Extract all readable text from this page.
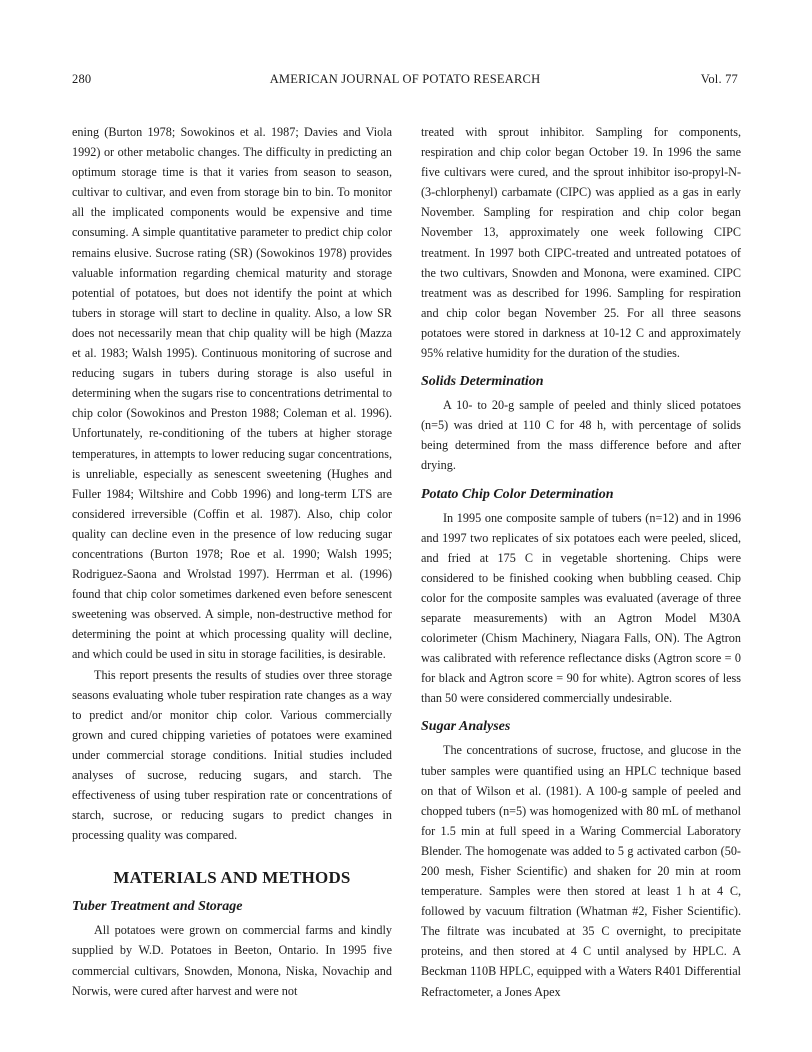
280	AMERICAN JOURNAL OF POTATO RESEARCH	Vol. 77

ening (Burton 1978; Sowokinos et al. 1987; Davies and Viola 1992) or other metabolic changes. The difficulty in predicting an optimum storage time is that it varies from season to season, cultivar to cultivar, and even from storage bin to bin. To monitor all the implicated components would be expensive and time consuming. A simple quantitative parameter to predict chip color remains elusive. Sucrose rating (SR) (Sowokinos 1978) provides valuable information regarding chemical maturity and storage potential of potatoes, but does not identify the point at which tubers in storage will start to decline in quality. Also, a low SR does not necessarily mean that chip quality will be high (Mazza et al. 1983; Walsh 1995). Continuous monitoring of sucrose and reducing sugars in tubers during storage is also useful in determining when the sugars rise to concentrations detrimental to chip color (Sowokinos and Preston 1988; Coleman et al. 1996). Unfortunately, re-conditioning of the tubers at higher storage temperatures, in attempts to lower reducing sugar concentrations, is unreliable, especially as senescent sweetening (Hughes and Fuller 1984; Wiltshire and Cobb 1996) and long-term LTS are considered irreversible (Coffin et al. 1987). Also, chip color quality can decline even in the presence of low reducing sugar concentrations (Burton 1978; Roe et al. 1990; Walsh 1995; Rodriguez-Saona and Wrolstad 1997). Herrman et al. (1996) found that chip color sometimes darkened even before senescent sweetening was observed. A simple, non-destructive method for determining the point at which processing quality will decline, and which could be used in situ in storage facilities, is desirable.

This report presents the results of studies over three storage seasons evaluating whole tuber respiration rate changes as a way to predict and/or monitor chip color. Various commercially grown and cured chipping varieties of potatoes were examined under commercial storage conditions. Initial studies included analyses of sucrose, reducing sugars, and starch. The effectiveness of using tuber respiration rate or concentrations of starch, sucrose, or reducing sugars to predict changes in processing quality was compared.

MATERIALS AND METHODS
Tuber Treatment and Storage

All potatoes were grown on commercial farms and kindly supplied by W.D. Potatoes in Beeton, Ontario. In 1995 five commercial cultivars, Snowden, Monona, Niska, Novachip and Norwis, were cured after harvest and were not

treated with sprout inhibitor. Sampling for components, respiration and chip color began October 19. In 1996 the same five cultivars were cured, and the sprout inhibitor iso-propyl-N-(3-chlorphenyl) carbamate (CIPC) was applied as a gas in early November. Sampling for respiration and chip color began November 13, approximately one week following CIPC treatment. In 1997 both CIPC-treated and untreated potatoes of the two cultivars, Snowden and Monona, were examined. CIPC treatment was as described for 1996. Sampling for respiration and chip color began November 25. For all three seasons potatoes were stored in darkness at 10-12 C and approximately 95% relative humidity for the duration of the studies.

Solids Determination

A 10- to 20-g sample of peeled and thinly sliced potatoes (n=5) was dried at 110 C for 48 h, with percentage of solids being determined from the mass difference before and after drying.

Potato Chip Color Determination

In 1995 one composite sample of tubers (n=12) and in 1996 and 1997 two replicates of six potatoes each were peeled, sliced, and fried at 175 C in vegetable shortening. Chips were considered to be finished cooking when bubbling ceased. Chip color for the composite samples was evaluated (average of three separate measurements) with an Agtron Model M30A colorimeter (Chism Machinery, Niagara Falls, ON). The Agtron was calibrated with reference reflectance disks (Agtron score = 0 for black and Agtron score = 90 for white). Agtron scores of less than 50 were considered commercially undesirable.

Sugar Analyses

The concentrations of sucrose, fructose, and glucose in the tuber samples were quantified using an HPLC technique based on that of Wilson et al. (1981). A 100-g sample of peeled and chopped tubers (n=5) was homogenized with 80 mL of methanol for 1.5 min at full speed in a Waring Commercial Laboratory Blender. The homogenate was added to 5 g activated carbon (50-200 mesh, Fisher Scientific) and shaken for 20 min at room temperature. Samples were then stored at least 1 h at 4 C, followed by vacuum filtration (Whatman #2, Fisher Scientific). The filtrate was incubated at 35 C overnight, to precipitate proteins, and then stored at 4 C until analysed by HPLC. A Beckman 110B HPLC, equipped with a Waters R401 Differential Refractometer, a Jones Apex
